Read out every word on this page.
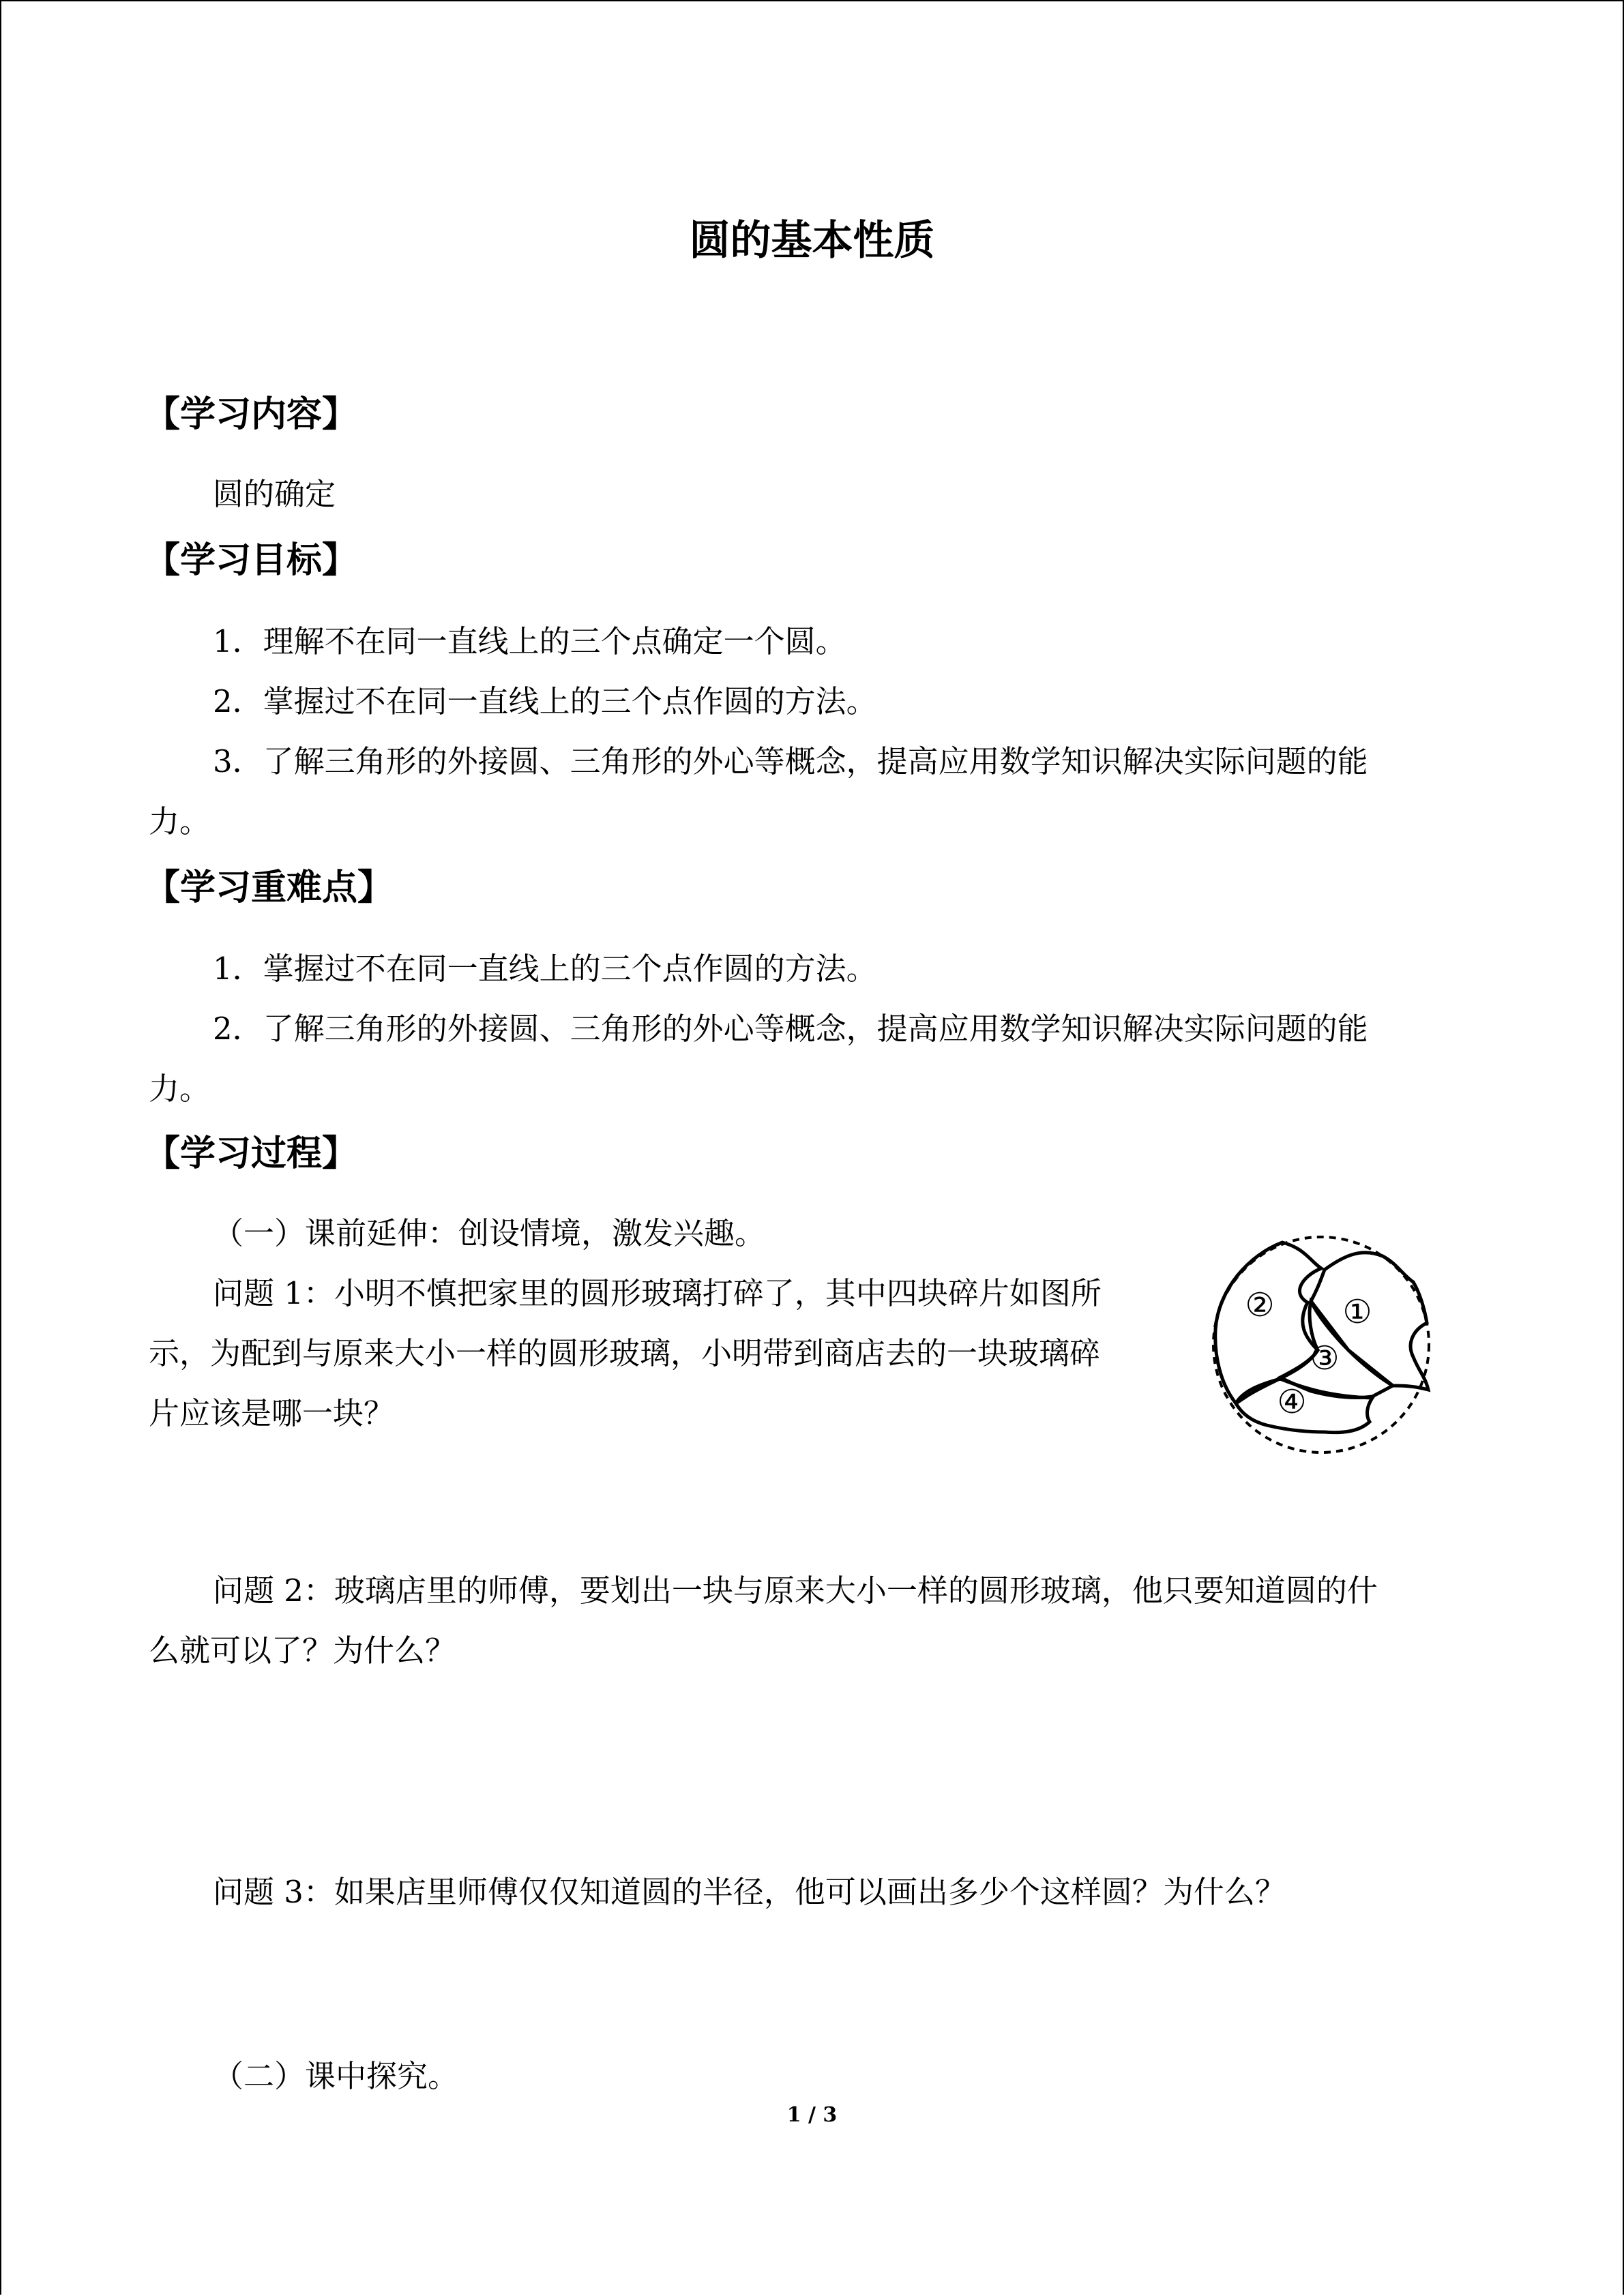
圆的基本性质
【学习内容】
圆的确定
【学习目标】
1．理解不在同一直线上的三个点确定一个圆。
2．掌握过不在同一直线上的三个点作圆的方法。
3．了解三角形的外接圆、三角形的外心等概念，提高应用数学知识解决实际问题的能
力。
【学习重难点】
1．掌握过不在同一直线上的三个点作圆的方法。
2．了解三角形的外接圆、三角形的外心等概念，提高应用数学知识解决实际问题的能
力。
【学习过程】
（一）课前延伸：创设情境，激发兴趣。
问题 1：小明不慎把家里的圆形玻璃打碎了，其中四块碎片如图所
示，为配到与原来大小一样的圆形玻璃，小明带到商店去的一块玻璃碎
片应该是哪一块？
①
②
③
④
问题 2：玻璃店里的师傅，要划出一块与原来大小一样的圆形玻璃，他只要知道圆的什
么就可以了？为什么？
问题 3：如果店里师傅仅仅知道圆的半径，他可以画出多少个这样圆？为什么？
（二）课中探究。
1 / 3
